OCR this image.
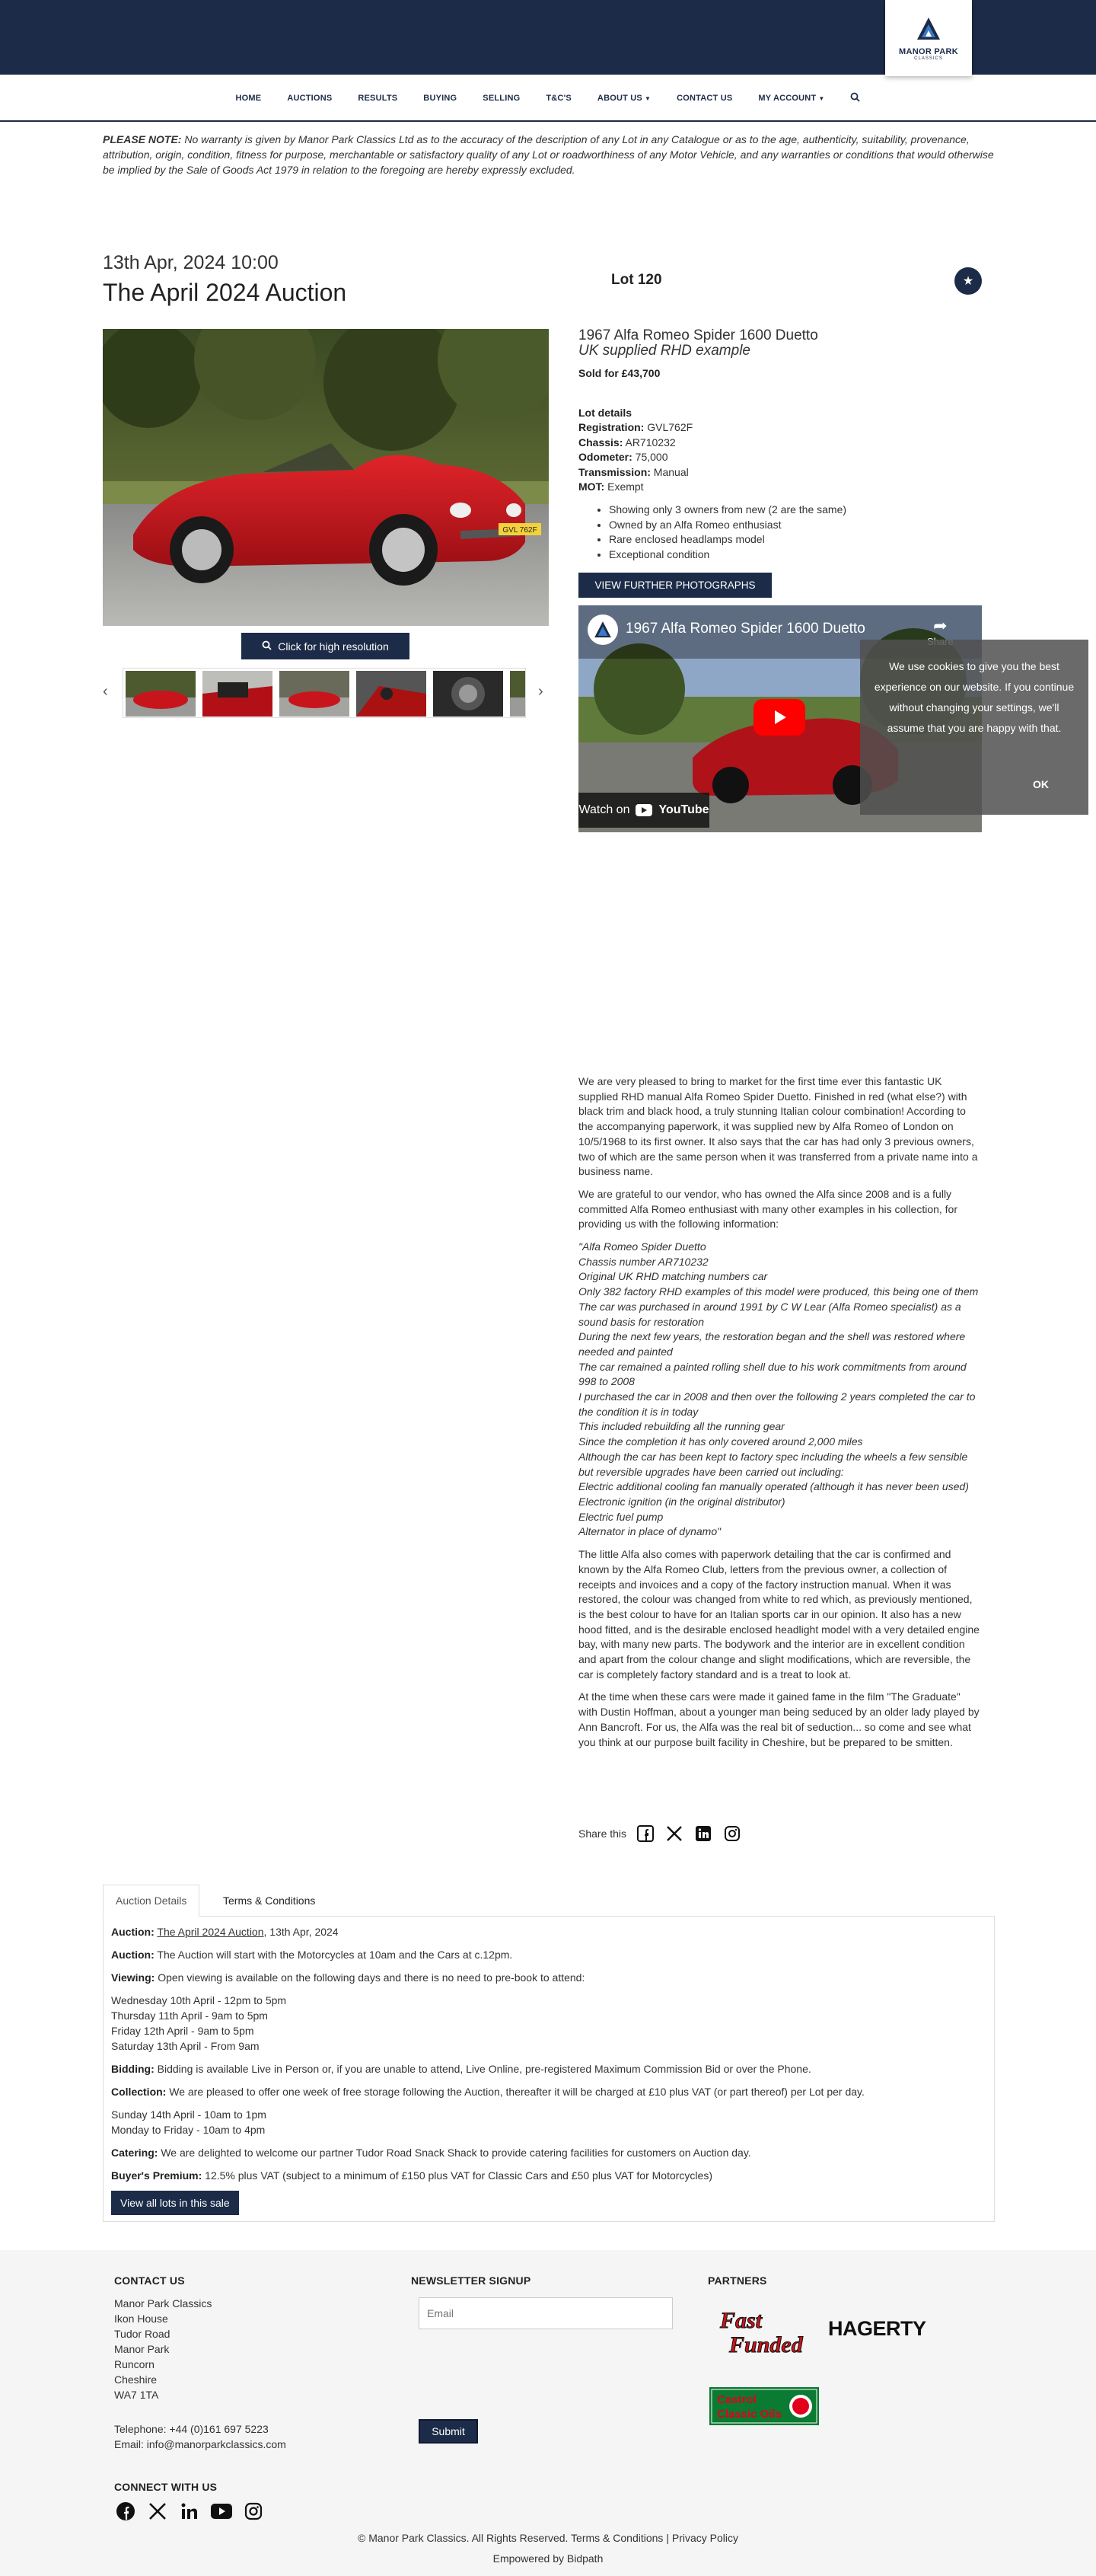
MANOR PARK
CLASSICS
HOME	AUCTIONS	RESULTS	BUYING	SELLING	T&C'S	ABOUT US ▼	CONTACT US	MY ACCOUNT ▼
PLEASE NOTE: No warranty is given by Manor Park Classics Ltd as to the accuracy of the description of any Lot in any Catalogue or as to the age, authenticity, suitability, provenance, attribution, origin, condition, fitness for purpose, merchantable or satisfactory quality of any Lot or roadworthiness of any Motor Vehicle, and any warranties or conditions that would otherwise be implied by the Sale of Goods Act 1979 in relation to the foregoing are hereby expressly excluded.
13th Apr, 2024 10:00
The April 2024 Auction	Lot 120	★
GVL 762F
Click for high resolution
‹	›
1967 Alfa Romeo Spider 1600 Duetto
UK supplied RHD example
Sold for £43,700
Lot details
Registration: GVL762F
Chassis: AR710232
Odometer: 75,000
Transmission: Manual
MOT: Exempt
• Showing only 3 owners from new (2 are the same)
• Owned by an Alfa Romeo enthusiast
• Rare enclosed headlamps model
• Exceptional condition
VIEW FURTHER PHOTOGRAPHS
1967 Alfa Romeo Spider 1600 Duetto	➦
Watch on YouTube
We use cookies to give you the best experience on our website. If you continue without changing your settings, we'll assume that you are happy with that.
OK

We are very pleased to bring to market for the first time ever this fantastic UK supplied RHD manual Alfa Romeo Spider Duetto. Finished in red (what else?) with black trim and black hood, a truly stunning Italian colour combination! According to the accompanying paperwork, it was supplied new by Alfa Romeo of London on 10/5/1968 to its first owner. It also says that the car has had only 3 previous owners, two of which are the same person when it was transferred from a private name into a business name.

We are grateful to our vendor, who has owned the Alfa since 2008 and is a fully committed Alfa Romeo enthusiast with many other examples in his collection, for providing us with the following information:

"Alfa Romeo Spider Duetto
Chassis number AR710232
Original UK RHD matching numbers car
Only 382 factory RHD examples of this model were produced, this being one of them
The car was purchased in around 1991 by C W Lear (Alfa Romeo specialist) as a sound basis for restoration
During the next few years, the restoration began and the shell was restored where needed and painted
The car remained a painted rolling shell due to his work commitments from around 998 to 2008
I purchased the car in 2008 and then over the following 2 years completed the car to the condition it is in today
This included rebuilding all the running gear
Since the completion it has only covered around 2,000 miles
Although the car has been kept to factory spec including the wheels a few sensible but reversible upgrades have been carried out including:
Electric additional cooling fan manually operated (although it has never been used)
Electronic ignition (in the original distributor)
Electric fuel pump
Alternator in place of dynamo"

The little Alfa also comes with paperwork detailing that the car is confirmed and known by the Alfa Romeo Club, letters from the previous owner, a collection of receipts and invoices and a copy of the factory instruction manual. When it was restored, the colour was changed from white to red which, as previously mentioned, is the best colour to have for an Italian sports car in our opinion. It also has a new hood fitted, and is the desirable enclosed headlight model with a very detailed engine bay, with many new parts. The bodywork and the interior are in excellent condition and apart from the colour change and slight modifications, which are reversible, the car is completely factory standard and is a treat to look at.

At the time when these cars were made it gained fame in the film "The Graduate" with Dustin Hoffman, about a younger man being seduced by an older lady played by Ann Bancroft. For us, the Alfa was the real bit of seduction... so come and see what you think at our purpose built facility in Cheshire, but be prepared to be smitten.

Share this
Auction Details	Terms & Conditions

Auction: The April 2024 Auction, 13th Apr, 2024

Auction: The Auction will start with the Motorcycles at 10am and the Cars at c.12pm.

Viewing: Open viewing is available on the following days and there is no need to pre-book to attend:

Wednesday 10th April - 12pm to 5pm
Thursday 11th April - 9am to 5pm
Friday 12th April - 9am to 5pm
Saturday 13th April - From 9am

Bidding: Bidding is available Live in Person or, if you are unable to attend, Live Online, pre-registered Maximum Commission Bid or over the Phone.

Collection: We are pleased to offer one week of free storage following the Auction, thereafter it will be charged at £10 plus VAT (or part thereof) per Lot per day.

Sunday 14th April - 10am to 1pm
Monday to Friday - 10am to 4pm

Catering: We are delighted to welcome our partner Tudor Road Snack Shack to provide catering facilities for customers on Auction day.

Buyer's Premium: 12.5% plus VAT (subject to a minimum of £150 plus VAT for Classic Cars and £50 plus VAT for Motorcycles)

View all lots in this sale
CONTACT US
Manor Park Classics
Ikon House
Tudor Road
Manor Park
Runcorn
Cheshire
WA7 1TA
Telephone: +44 (0)161 697 5223
Email: info@manorparkclassics.com
NEWSLETTER SIGNUP
Email
Submit
PARTNERS
Fast
Funded
HAGERTY
Castrol
Classic Oils
CONNECT WITH US
© Manor Park Classics. All Rights Reserved. Terms & Conditions | Privacy Policy
Empowered by Bidpath
